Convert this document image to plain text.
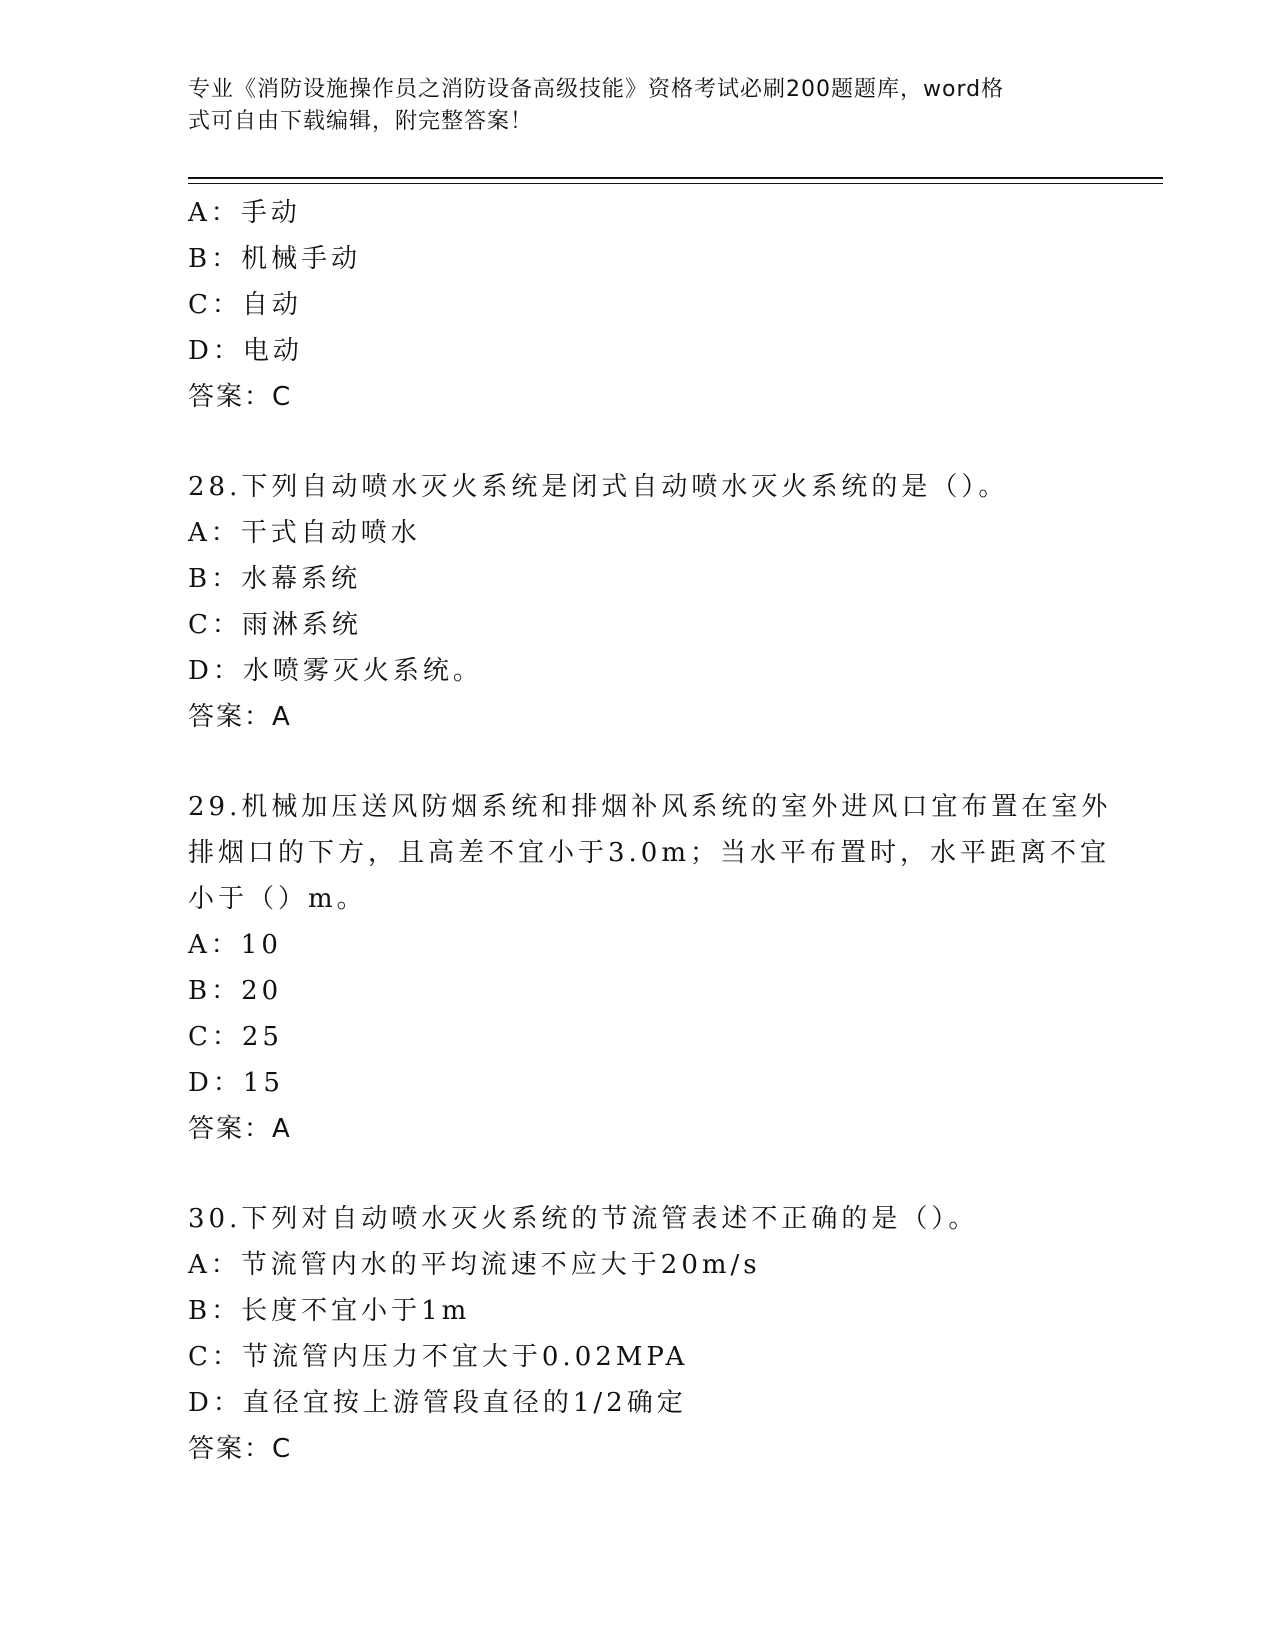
专业《消防设施操作员之消防设备高级技能》资格考试必刷200题题库，word格
式可自由下载编辑，附完整答案！
A：手动
B：机械手动
C：自动
D：电动
答案：C
28.下列自动喷水灭火系统是闭式自动喷水灭火系统的是（）。
A：干式自动喷水
B：水幕系统
C：雨淋系统
D：水喷雾灭火系统。
答案：A
29.机械加压送风防烟系统和排烟补风系统的室外进风口宜布置在室外
排烟口的下方，且高差不宜小于3.0m；当水平布置时，水平距离不宜
小于（）m。
A：10
B：20
C：25
D：15
答案：A
30.下列对自动喷水灭火系统的节流管表述不正确的是（）。
A：节流管内水的平均流速不应大于20m/s
B：长度不宜小于1m
C：节流管内压力不宜大于0.02MPA
D：直径宜按上游管段直径的1/2确定
答案：C
